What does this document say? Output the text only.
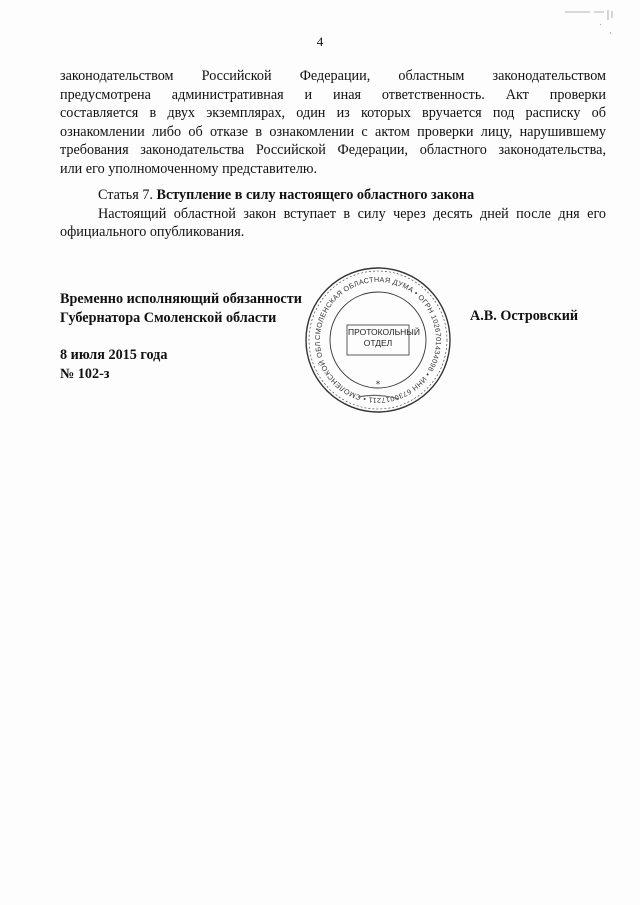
4
законодательством Российской Федерации, областным законодательством
предусмотрена административная и иная ответственность. Акт проверки
составляется в двух экземплярах, один из которых вручается под расписку об
ознакомлении либо об отказе в ознакомлении с актом проверки лицу, нарушившему
требования законодательства Российской Федерации, областного законодательства,
или его уполномоченному представителю.
Статья 7. Вступление в силу настоящего областного закона
Настоящий областной закон вступает в силу через десять дней после дня его
официального опубликования.
Временно исполняющий обязанности
Губернатора Смоленской области	А.В. Островский
8 июля 2015 года
№ 102-з
СМОЛЕНСКАЯ ОБЛАСТНАЯ ДУМА • ОГРН 1026701434098 • ИНН 6730017211 • СМОЛЕНСКОЙ ОБЛ
*
ПРОТОКОЛЬНЫЙ
ОТДЕЛ
